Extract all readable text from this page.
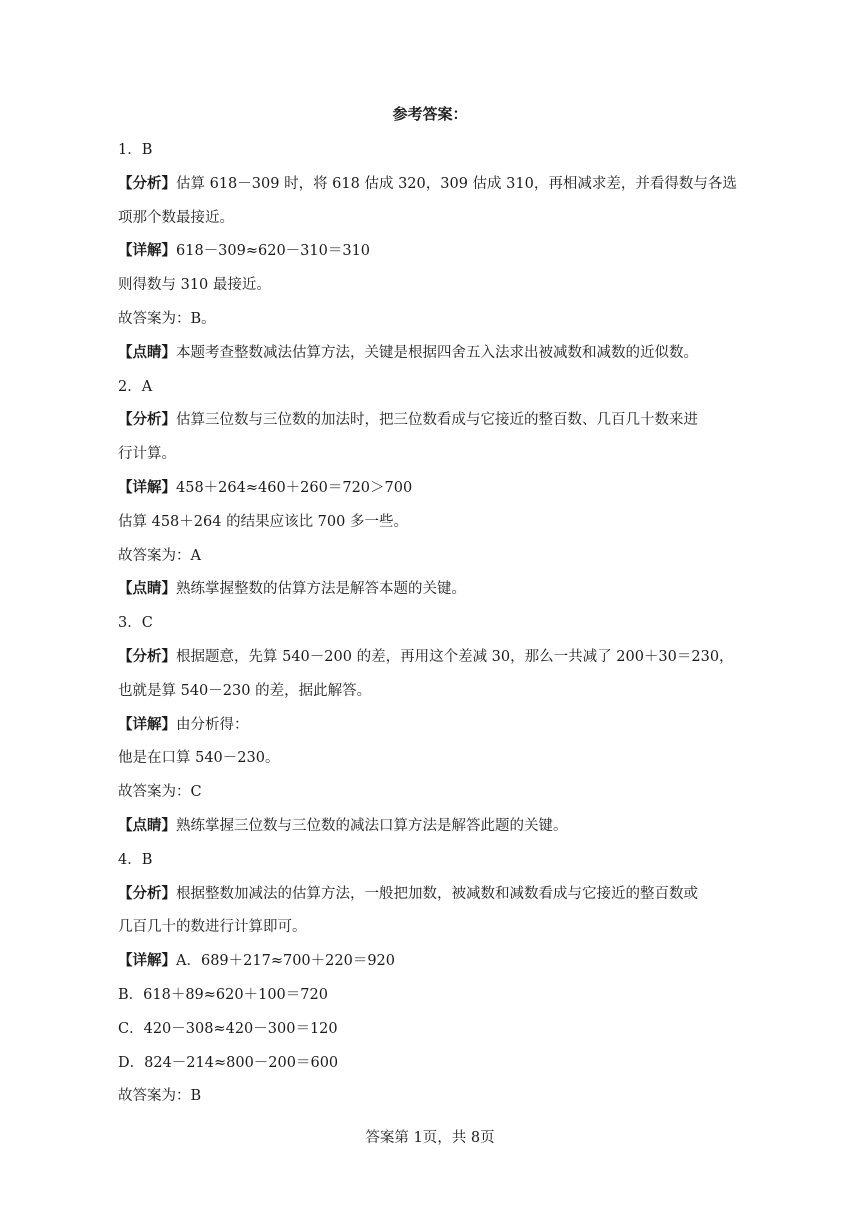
参考答案：
1．B
【分析】估算 618－309 时，将 618 估成 320，309 估成 310，再相减求差，并看得数与各选
项那个数最接近。
【详解】618－309≈620－310＝310
则得数与 310 最接近。
故答案为：B。
【点睛】本题考查整数减法估算方法，关键是根据四舍五入法求出被减数和减数的近似数。
2．A
【分析】估算三位数与三位数的加法时，把三位数看成与它接近的整百数、几百几十数来进
行计算。
【详解】458＋264≈460＋260＝720＞700
估算 458＋264 的结果应该比 700 多一些。
故答案为：A
【点睛】熟练掌握整数的估算方法是解答本题的关键。
3．C
【分析】根据题意，先算 540－200 的差，再用这个差减 30，那么一共减了 200＋30＝230，
也就是算 540－230 的差，据此解答。
【详解】由分析得：
他是在口算 540－230。
故答案为：C
【点睛】熟练掌握三位数与三位数的减法口算方法是解答此题的关键。
4．B
【分析】根据整数加减法的估算方法，一般把加数，被减数和减数看成与它接近的整百数或
几百几十的数进行计算即可。
【详解】A．689＋217≈700＋220＝920
B．618＋89≈620＋100＝720
C．420－308≈420－300＝120
D．824－214≈800－200＝600
故答案为：B
答案第 1页，共 8页
